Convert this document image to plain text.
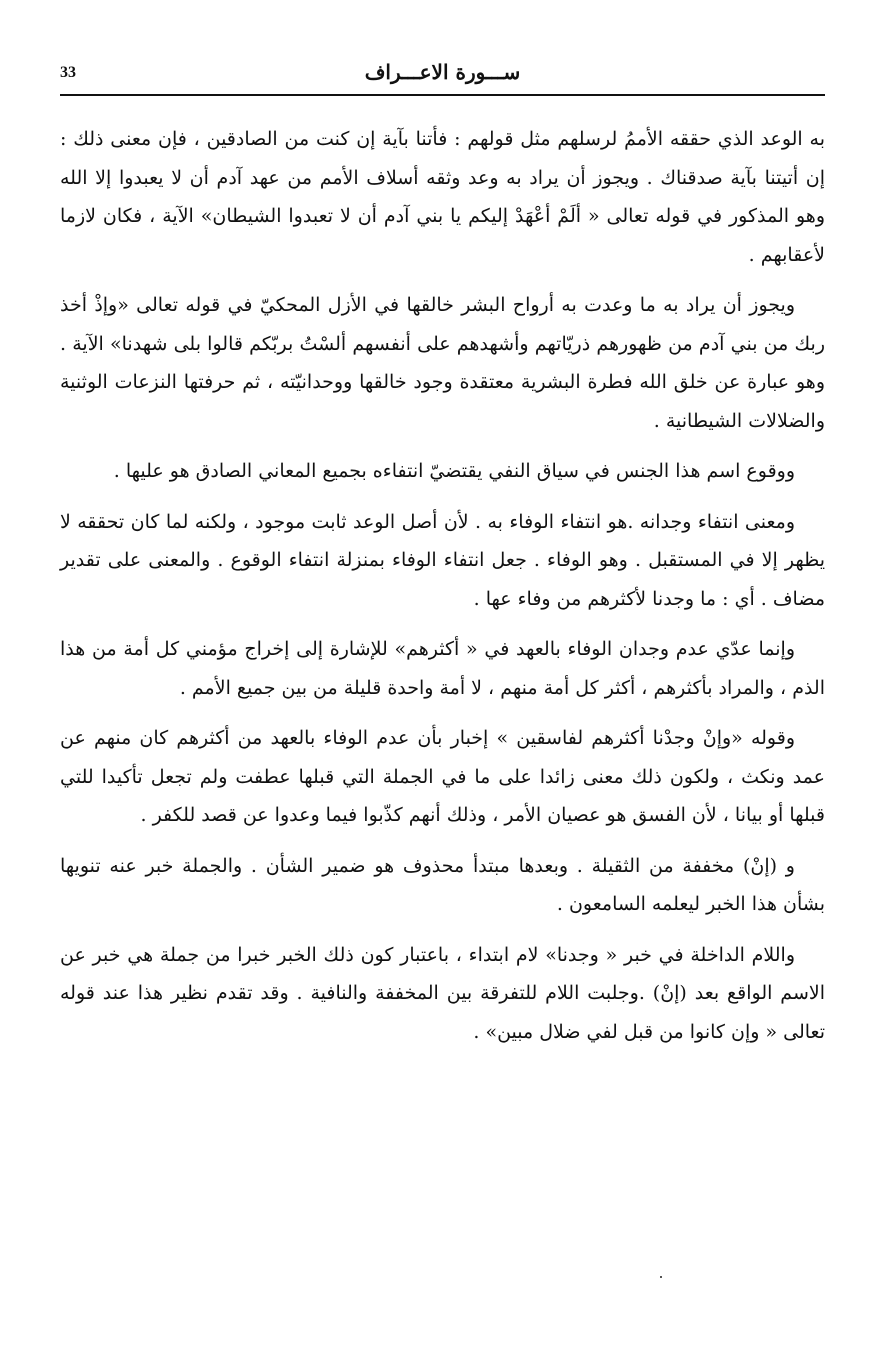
33	ســـورة الاعـــراف

به الوعد الذي حققه الأممُ لرسلهم مثل قولهم : فأتنا بآية إن كنت من الصادقين ، فإن معنى ذلك : إن أتيتنا بآية صدقناك . ويجوز أن يراد به وعد وثقه أسلاف الأمم من عهد آدم أن لا يعبدوا إلا الله وهو المذكور في قوله تعالى « ألَمْ أعْهَدْ إليكم يا بني آدم أن لا تعبدوا الشيطان» الآية ، فكان لازما لأعقابهم .

ويجوز أن يراد به ما وعدت به أرواح البشر خالقها في الأزل المحكيّ في قوله تعالى «وإذْ أخذ ربك من بني آدم من ظهورهم ذريّاتهم وأشهدهم على أنفسهم ألسْتُ بربّكم قالوا بلى شهدنا» الآية . وهو عبارة عن خلق الله فطرة البشرية معتقدة وجود خالقها ووحدانيّته ، ثم حرفتها النزعات الوثنية والضلالات الشيطانية .

ووقوع اسم هذا الجنس في سياق النفي يقتضيّ انتفاءه بجميع المعاني الصادق هو عليها .

ومعنى انتفاء وجدانه .هو انتفاء الوفاء به . لأن أصل الوعد ثابت موجود ، ولكنه لما كان تحققه لا يظهر إلا في المستقبل . وهو الوفاء . جعل انتفاء الوفاء بمنزلة انتفاء الوقوع . والمعنى على تقدير مضاف . أي : ما وجدنا لأكثرهم من وفاء عها .

وإنما عدّي عدم وجدان الوفاء بالعهد في « أكثرهم» للإشارة إلى إخراج مؤمني كل أمة من هذا الذم ، والمراد بأكثرهم ، أكثر كل أمة منهم ، لا أمة واحدة قليلة من بين جميع الأمم .

وقوله «وإنْ وجدْنا أكثرهم لفاسقين » إخبار بأن عدم الوفاء بالعهد من أكثرهم كان منهم عن عمد ونكث ، ولكون ذلك معنى زائدا على ما في الجملة التي قبلها عطفت ولم تجعل تأكيدا للتي قبلها أو بيانا ، لأن الفسق هو عصيان الأمر ، وذلك أنهم كذّبوا فيما وعدوا عن قصد للكفر .

و (إنْ) مخففة من الثقيلة . وبعدها مبتدأ محذوف هو ضمير الشأن . والجملة خبر عنه تنويها بشأن هذا الخبر ليعلمه السامعون .

واللام الداخلة في خبر « وجدنا» لام ابتداء ، باعتبار كون ذلك الخبر خبرا من جملة هي خبر عن الاسم الواقع بعد (إنْ) .وجلبت اللام للتفرقة بين المخففة والنافية . وقد تقدم نظير هذا عند قوله تعالى « وإن كانوا من قبل لفي ضلال مبين» .
